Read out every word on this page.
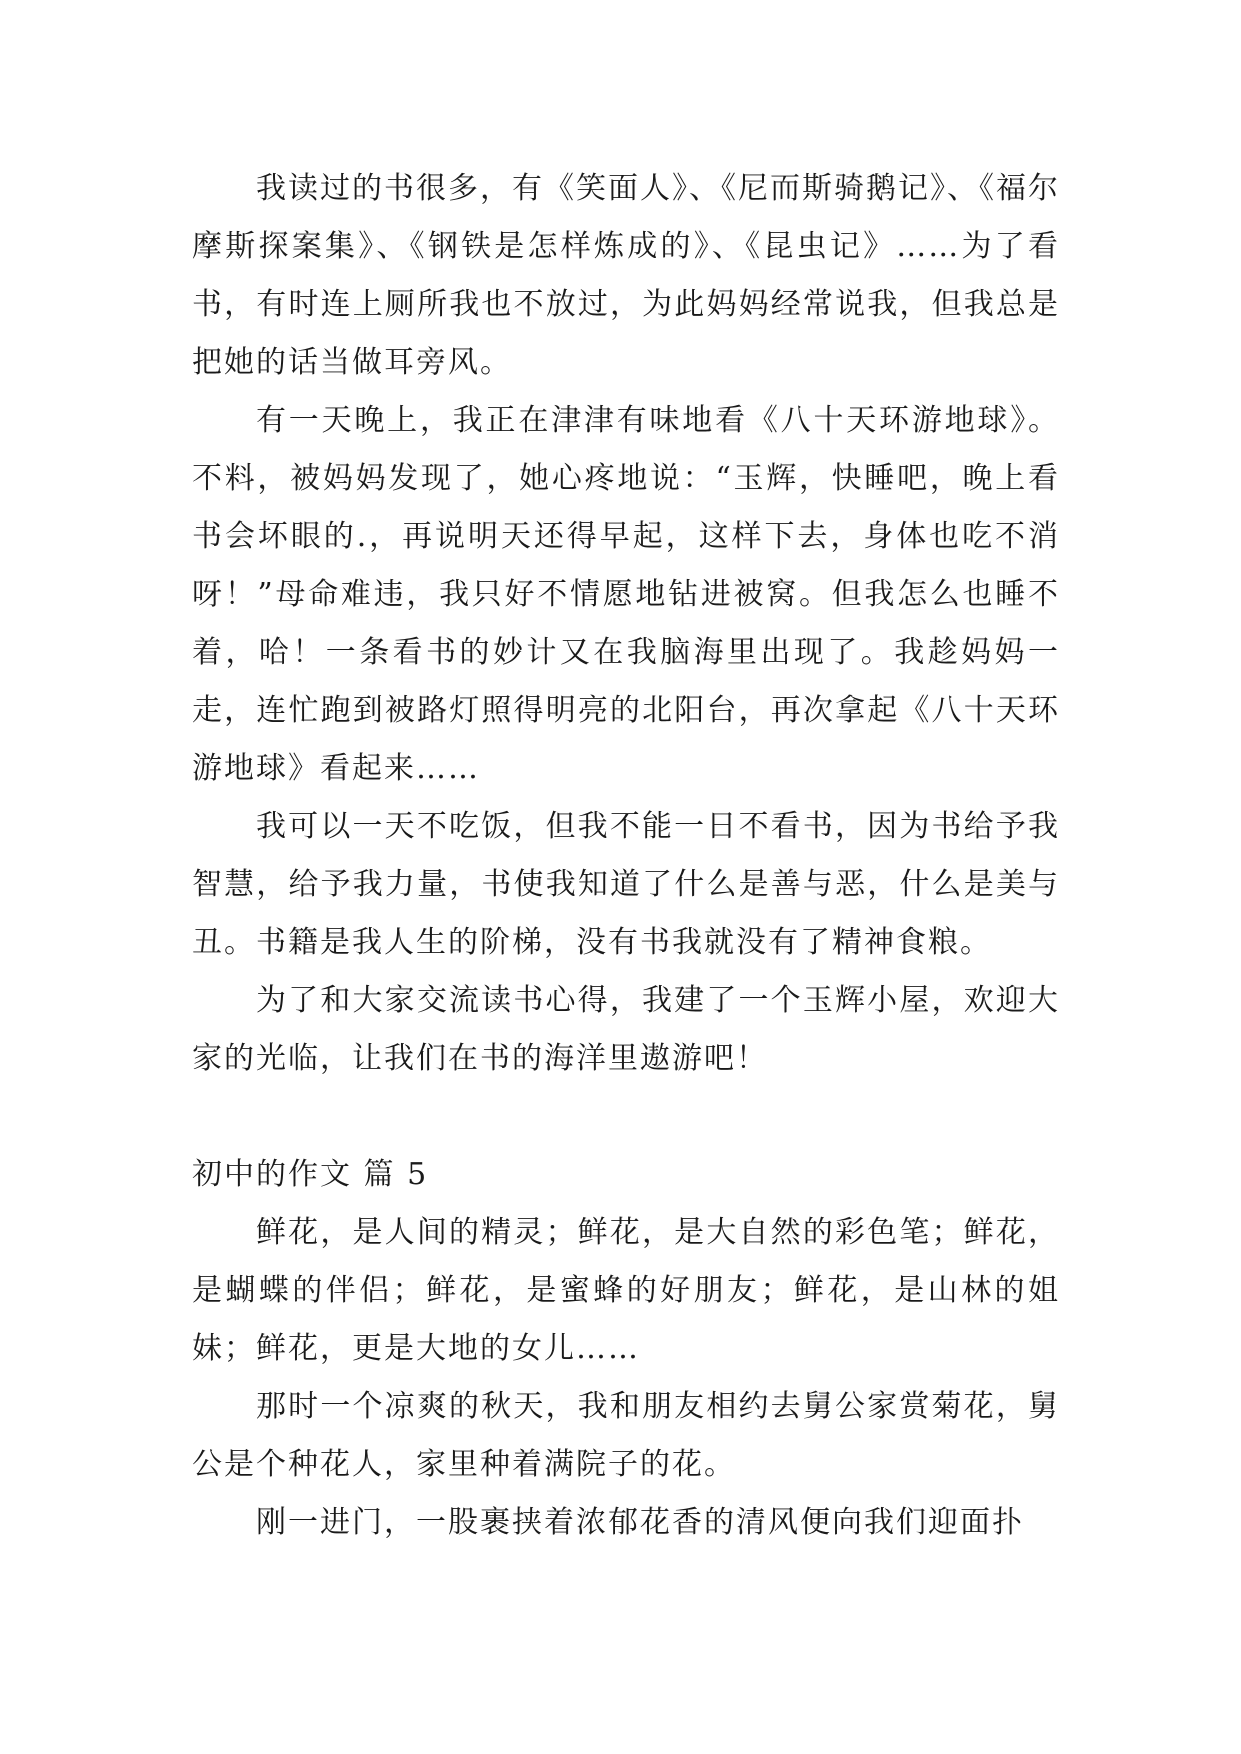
我读过的书很多，有《笑面人》、《尼而斯骑鹅记》、《福尔摩斯探案集》、《钢铁是怎样炼成的》、《昆虫记》……为了看书，有时连上厕所我也不放过，为此妈妈经常说我，但我总是把她的话当做耳旁风。

有一天晚上，我正在津津有味地看《八十天环游地球》。不料，被妈妈发现了，她心疼地说：“玉辉，快睡吧，晚上看书会坏眼的.，再说明天还得早起，这样下去，身体也吃不消呀！”母命难违，我只好不情愿地钻进被窝。但我怎么也睡不着，哈！一条看书的妙计又在我脑海里出现了。我趁妈妈一走，连忙跑到被路灯照得明亮的北阳台，再次拿起《八十天环游地球》看起来……

我可以一天不吃饭，但我不能一日不看书，因为书给予我智慧，给予我力量，书使我知道了什么是善与恶，什么是美与丑。书籍是我人生的阶梯，没有书我就没有了精神食粮。

为了和大家交流读书心得，我建了一个玉辉小屋，欢迎大家的光临，让我们在书的海洋里遨游吧！

初中的作文 篇 5

鲜花，是人间的精灵；鲜花，是大自然的彩色笔；鲜花，是蝴蝶的伴侣；鲜花，是蜜蜂的好朋友；鲜花，是山林的姐妹；鲜花，更是大地的女儿……

那时一个凉爽的秋天，我和朋友相约去舅公家赏菊花，舅公是个种花人，家里种着满院子的花。

刚一进门，一股裹挟着浓郁花香的清风便向我们迎面扑
